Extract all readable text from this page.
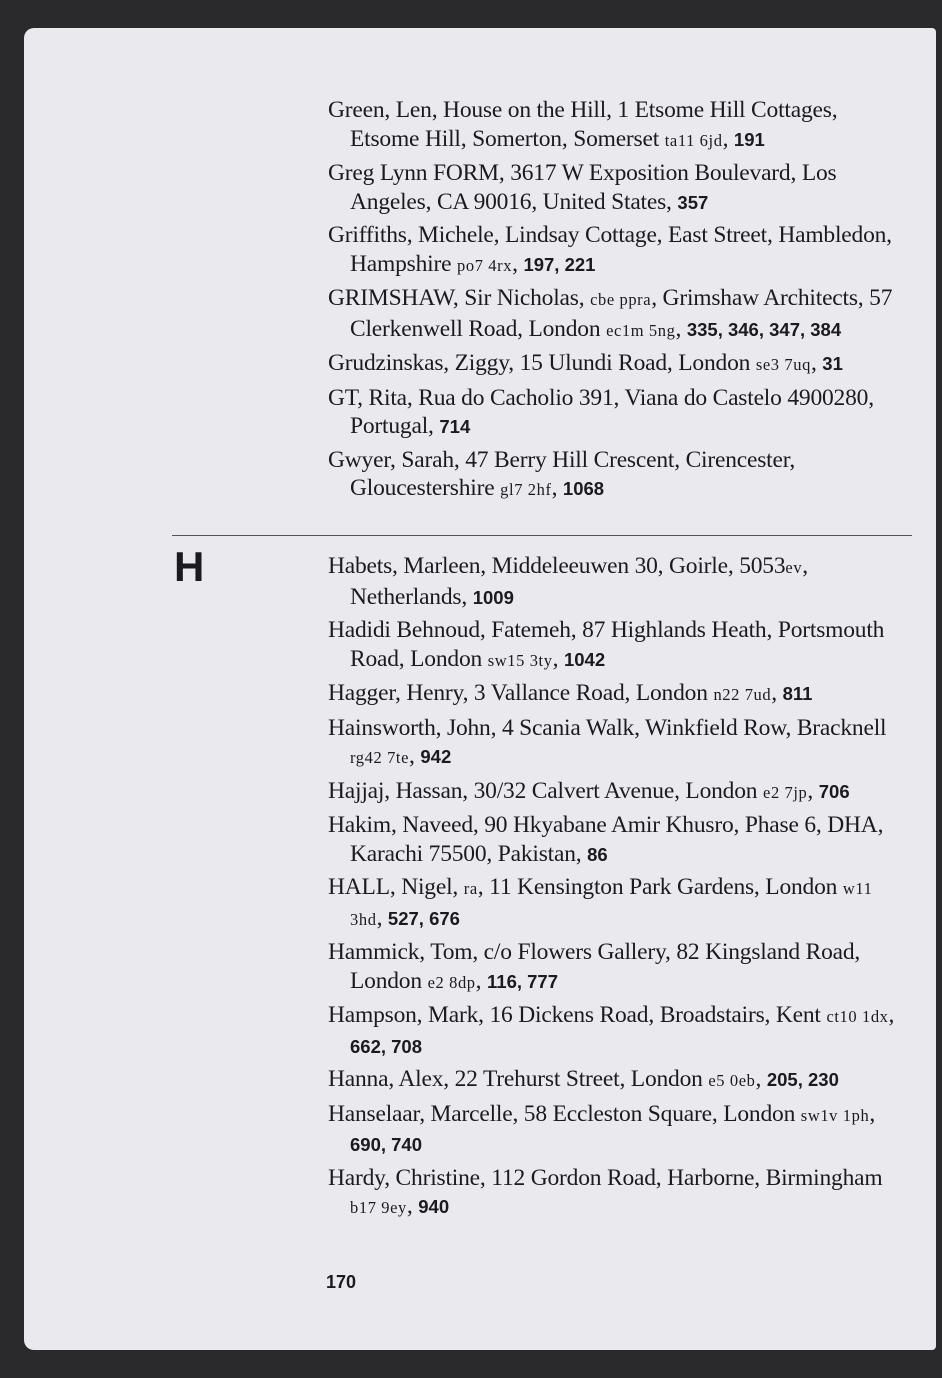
Green, Len, House on the Hill, 1 Etsome Hill Cottages, Etsome Hill, Somerton, Somerset ta11 6jd, 191

Greg Lynn FORM, 3617 W Exposition Boulevard, Los Angeles, CA 90016, United States, 357

Griffiths, Michele, Lindsay Cottage, East Street, Hambledon, Hampshire po7 4rx, 197, 221

GRIMSHAW, Sir Nicholas, cbe ppra, Grimshaw Architects, 57 Clerkenwell Road, London ec1m 5ng, 335, 346, 347, 384

Grudzinskas, Ziggy, 15 Ulundi Road, London se3 7uq, 31

GT, Rita, Rua do Cacholio 391, Viana do Castelo 4900280, Portugal, 714

Gwyer, Sarah, 47 Berry Hill Crescent, Cirencester, Gloucestershire gl7 2hf, 1068

H	Habets, Marleen, Middeleeuwen 30, Goirle, 5053ev, Netherlands, 1009

Hadidi Behnoud, Fatemeh, 87 Highlands Heath, Portsmouth Road, London sw15 3ty, 1042

Hagger, Henry, 3 Vallance Road, London n22 7ud, 811

Hainsworth, John, 4 Scania Walk, Winkfield Row, Bracknell rg42 7te, 942

Hajjaj, Hassan, 30/32 Calvert Avenue, London e2 7jp, 706

Hakim, Naveed, 90 Hkyabane Amir Khusro, Phase 6, DHA, Karachi 75500, Pakistan, 86

HALL, Nigel, ra, 11 Kensington Park Gardens, London w11 3hd, 527, 676

Hammick, Tom, c/o Flowers Gallery, 82 Kingsland Road, London e2 8dp, 116, 777

Hampson, Mark, 16 Dickens Road, Broadstairs, Kent ct10 1dx, 662, 708

Hanna, Alex, 22 Trehurst Street, London e5 0eb, 205, 230

Hanselaar, Marcelle, 58 Eccleston Square, London sw1v 1ph, 690, 740

Hardy, Christine, 112 Gordon Road, Harborne, Birmingham b17 9ey, 940

170
